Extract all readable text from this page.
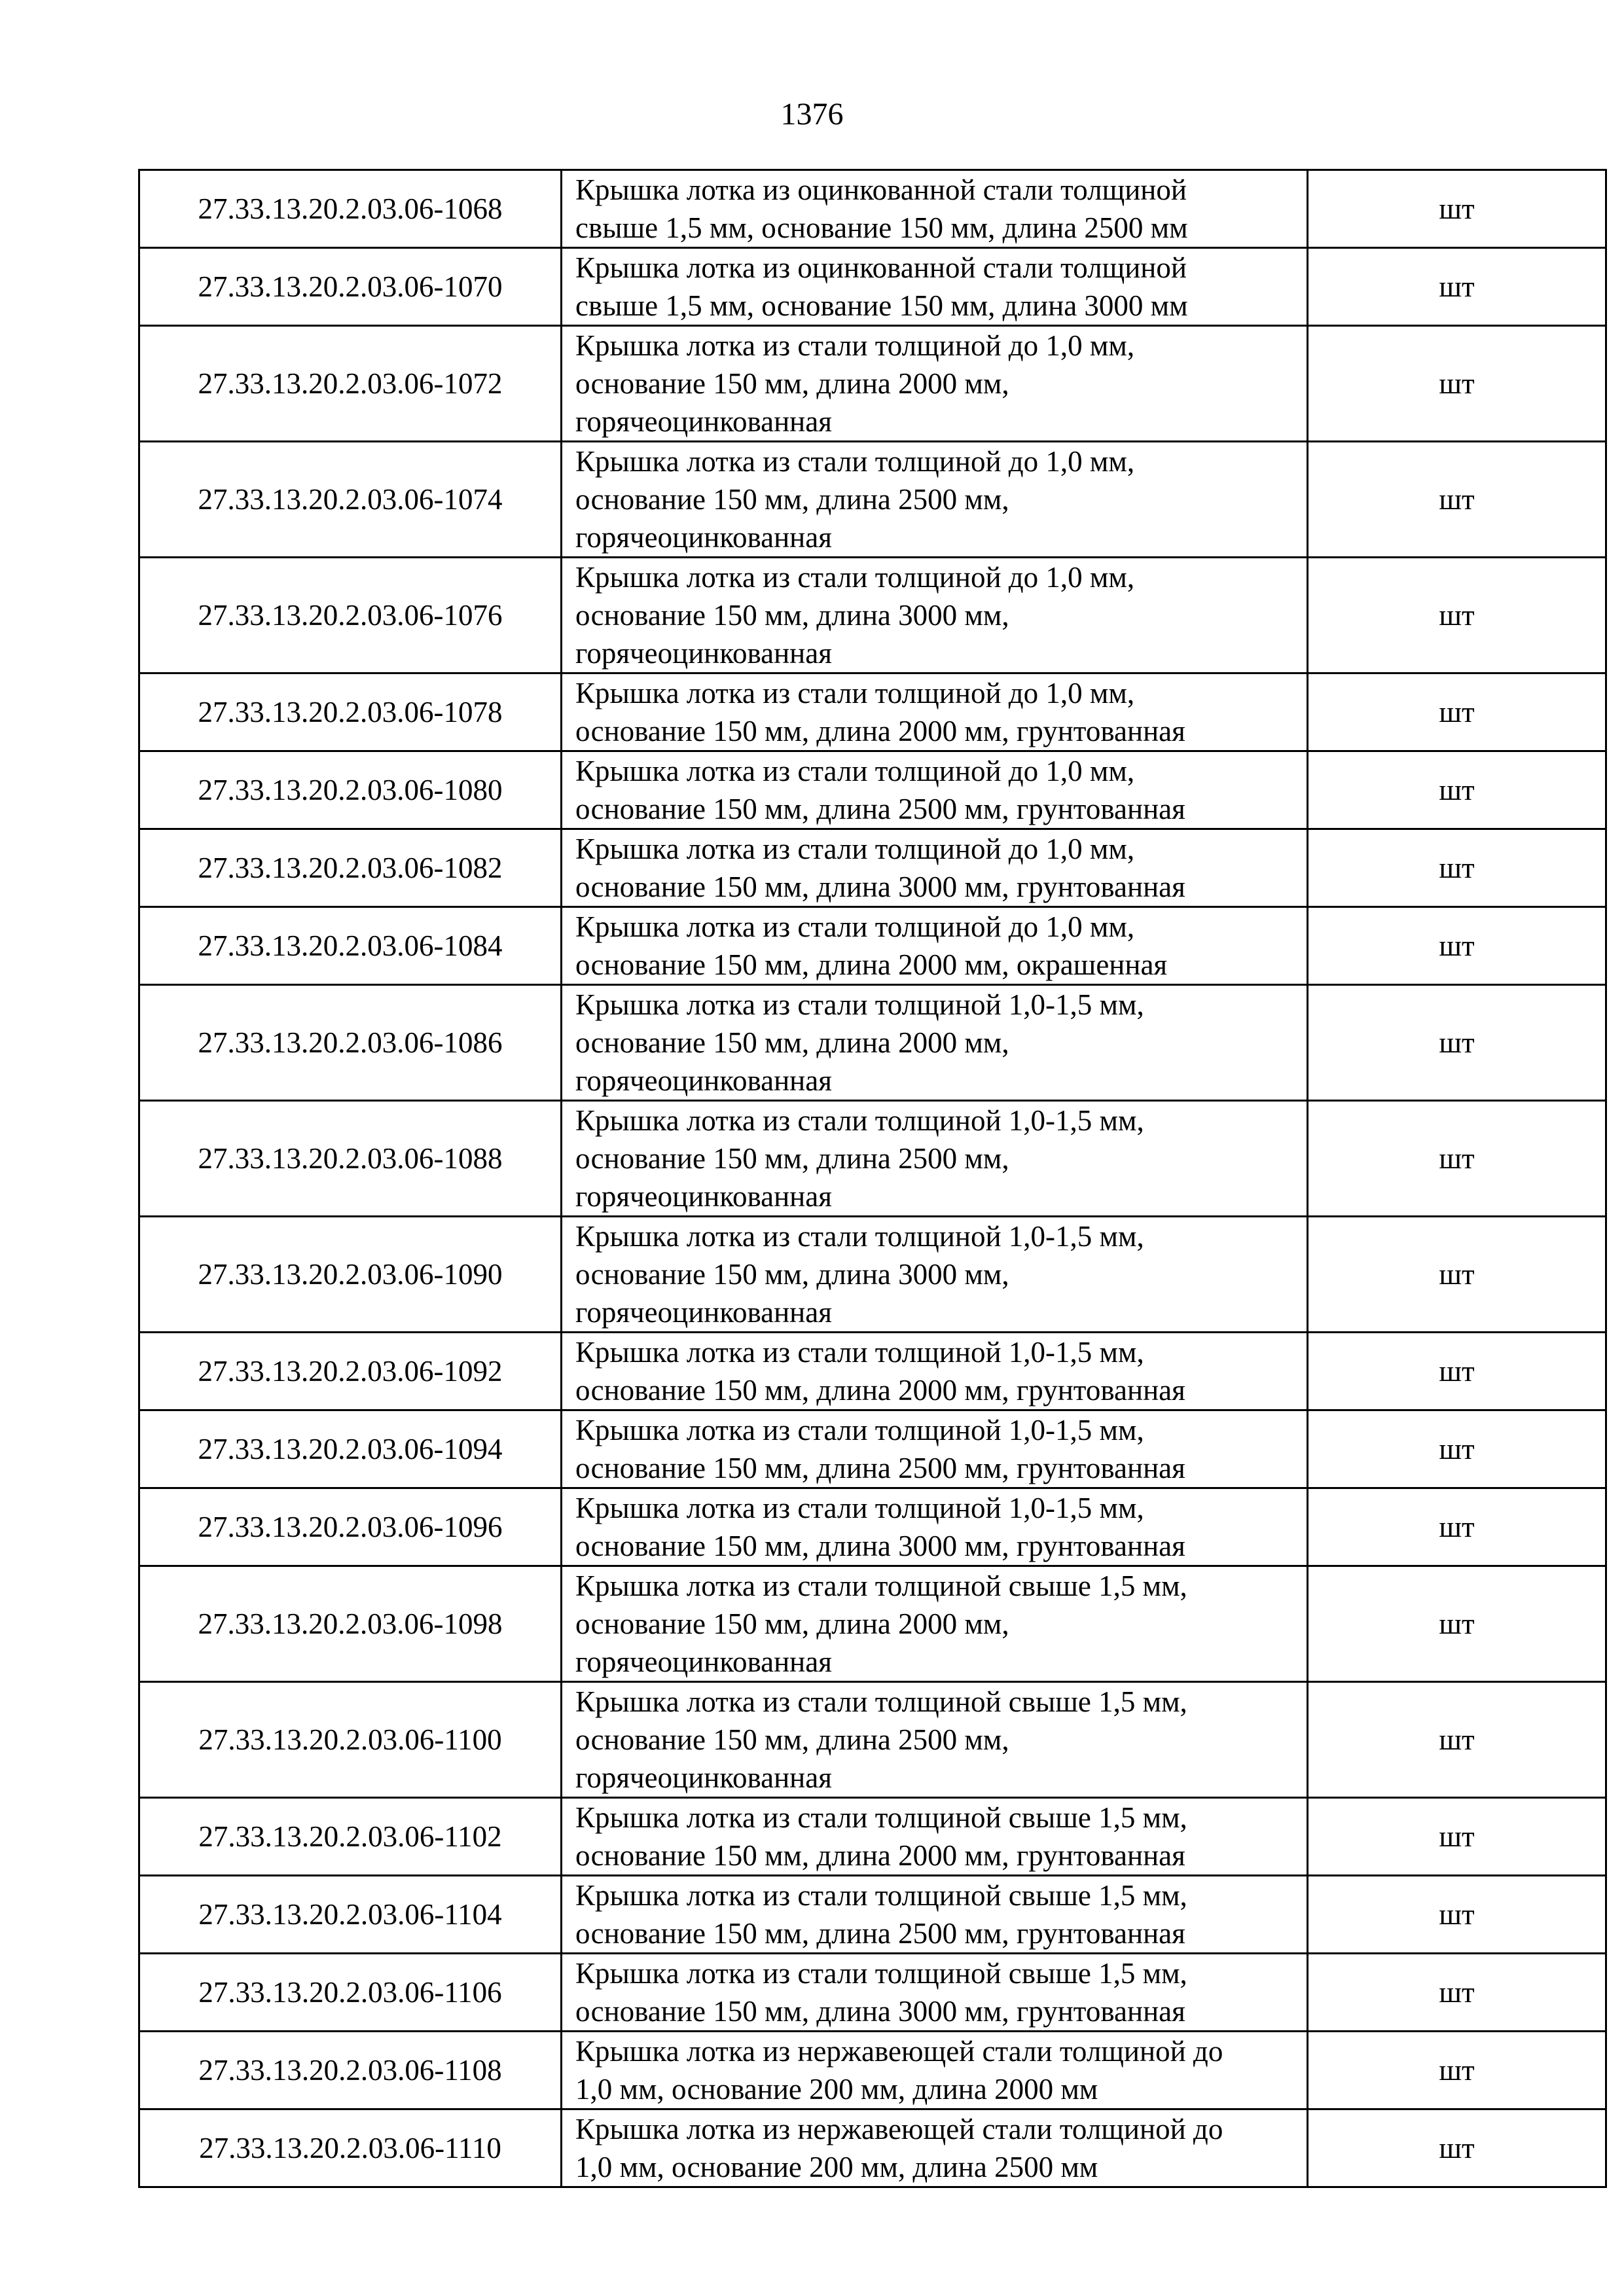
1376
27.33.13.20.2.03.06-1068	Крышка лотка из оцинкованной стали толщиной
свыше 1,5 мм, основание 150 мм, длина 2500 мм	шт
27.33.13.20.2.03.06-1070	Крышка лотка из оцинкованной стали толщиной
свыше 1,5 мм, основание 150 мм, длина 3000 мм	шт
27.33.13.20.2.03.06-1072	Крышка лотка из стали толщиной до 1,0 мм,
основание 150 мм, длина 2000 мм,
горячеоцинкованная	шт
27.33.13.20.2.03.06-1074	Крышка лотка из стали толщиной до 1,0 мм,
основание 150 мм, длина 2500 мм,
горячеоцинкованная	шт
27.33.13.20.2.03.06-1076	Крышка лотка из стали толщиной до 1,0 мм,
основание 150 мм, длина 3000 мм,
горячеоцинкованная	шт
27.33.13.20.2.03.06-1078	Крышка лотка из стали толщиной до 1,0 мм,
основание 150 мм, длина 2000 мм, грунтованная	шт
27.33.13.20.2.03.06-1080	Крышка лотка из стали толщиной до 1,0 мм,
основание 150 мм, длина 2500 мм, грунтованная	шт
27.33.13.20.2.03.06-1082	Крышка лотка из стали толщиной до 1,0 мм,
основание 150 мм, длина 3000 мм, грунтованная	шт
27.33.13.20.2.03.06-1084	Крышка лотка из стали толщиной до 1,0 мм,
основание 150 мм, длина 2000 мм, окрашенная	шт
27.33.13.20.2.03.06-1086	Крышка лотка из стали толщиной 1,0-1,5 мм,
основание 150 мм, длина 2000 мм,
горячеоцинкованная	шт
27.33.13.20.2.03.06-1088	Крышка лотка из стали толщиной 1,0-1,5 мм,
основание 150 мм, длина 2500 мм,
горячеоцинкованная	шт
27.33.13.20.2.03.06-1090	Крышка лотка из стали толщиной 1,0-1,5 мм,
основание 150 мм, длина 3000 мм,
горячеоцинкованная	шт
27.33.13.20.2.03.06-1092	Крышка лотка из стали толщиной 1,0-1,5 мм,
основание 150 мм, длина 2000 мм, грунтованная	шт
27.33.13.20.2.03.06-1094	Крышка лотка из стали толщиной 1,0-1,5 мм,
основание 150 мм, длина 2500 мм, грунтованная	шт
27.33.13.20.2.03.06-1096	Крышка лотка из стали толщиной 1,0-1,5 мм,
основание 150 мм, длина 3000 мм, грунтованная	шт
27.33.13.20.2.03.06-1098	Крышка лотка из стали толщиной свыше 1,5 мм,
основание 150 мм, длина 2000 мм,
горячеоцинкованная	шт
27.33.13.20.2.03.06-1100	Крышка лотка из стали толщиной свыше 1,5 мм,
основание 150 мм, длина 2500 мм,
горячеоцинкованная	шт
27.33.13.20.2.03.06-1102	Крышка лотка из стали толщиной свыше 1,5 мм,
основание 150 мм, длина 2000 мм, грунтованная	шт
27.33.13.20.2.03.06-1104	Крышка лотка из стали толщиной свыше 1,5 мм,
основание 150 мм, длина 2500 мм, грунтованная	шт
27.33.13.20.2.03.06-1106	Крышка лотка из стали толщиной свыше 1,5 мм,
основание 150 мм, длина 3000 мм, грунтованная	шт
27.33.13.20.2.03.06-1108	Крышка лотка из нержавеющей стали толщиной до
1,0 мм, основание 200 мм, длина 2000 мм	шт
27.33.13.20.2.03.06-1110	Крышка лотка из нержавеющей стали толщиной до
1,0 мм, основание 200 мм, длина 2500 мм	шт
